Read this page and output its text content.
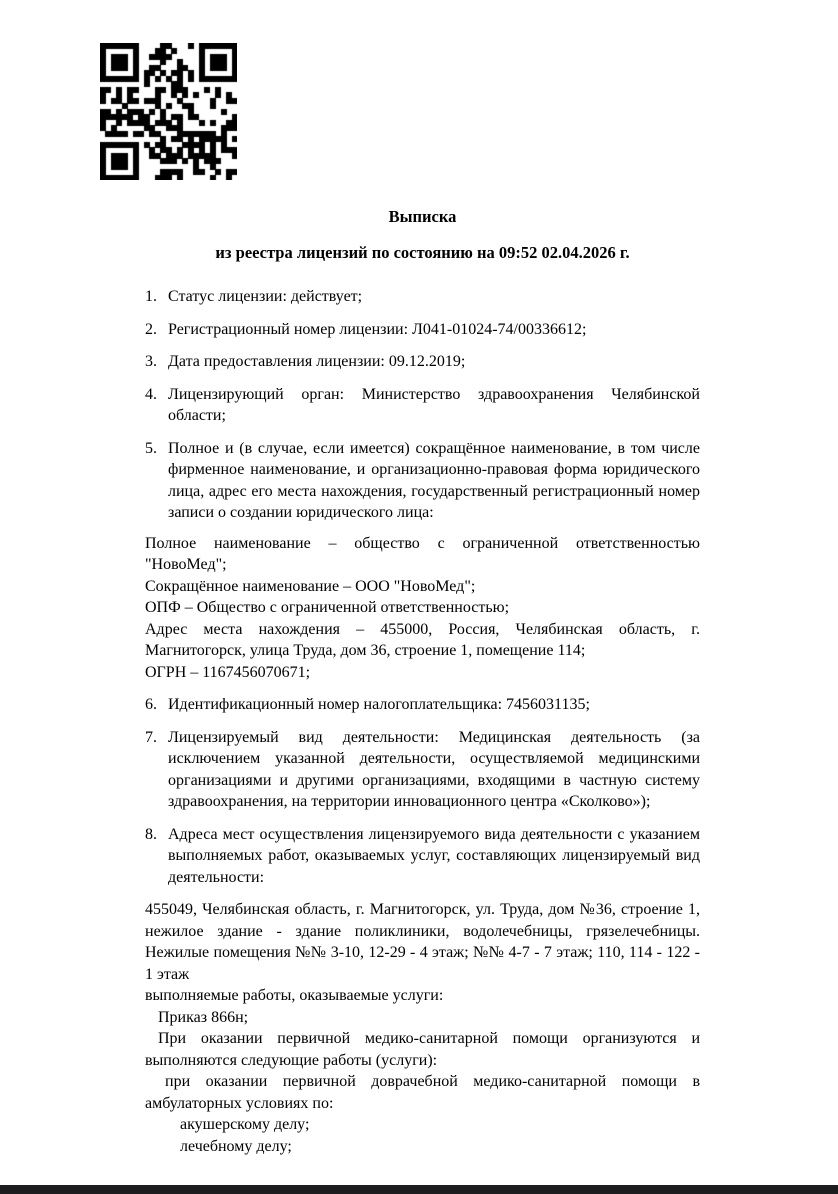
Выписка
из реестра лицензий по состоянию на 09:52 02.04.2026 г.

1. Статус лицензии: действует;

2. Регистрационный номер лицензии: Л041-01024-74/00336612;

3. Дата предоставления лицензии: 09.12.2019;

4. Лицензирующий орган: Министерство здравоохранения Челябинской области;

5. Полное и (в случае, если имеется) сокращённое наименование, в том числе фирменное наименование, и организационно-правовая форма юридического лица, адрес его места нахождения, государственный регистрационный номер записи о создании юридического лица:

Полное наименование – общество с ограниченной ответственностью "НовоМед";

Сокращённое наименование – ООО "НовоМед";

ОПФ – Общество с ограниченной ответственностью;

Адрес места нахождения – 455000, Россия, Челябинская область, г. Магнитогорск, улица Труда, дом 36, строение 1, помещение 114;

ОГРН – 1167456070671;

6. Идентификационный номер налогоплательщика: 7456031135;

7. Лицензируемый вид деятельности: Медицинская деятельность (за исключением указанной деятельности, осуществляемой медицинскими организациями и другими организациями, входящими в частную систему здравоохранения, на территории инновационного центра «Сколково»);

8. Адреса мест осуществления лицензируемого вида деятельности с указанием выполняемых работ, оказываемых услуг, составляющих лицензируемый вид деятельности:

455049, Челябинская область, г. Магнитогорск, ул. Труда, дом №36, строение 1, нежилое здание - здание поликлиники, водолечебницы, грязелечебницы. Нежилые помещения №№ 3-10, 12-29 - 4 этаж; №№ 4-7 - 7 этаж; 110, 114 - 122 - 1 этаж

выполняемые работы, оказываемые услуги:

Приказ 866н;

При оказании первичной медико-санитарной помощи организуются и выполняются следующие работы (услуги):

при оказании первичной доврачебной медико-санитарной помощи в амбулаторных условиях по:

акушерскому делу;

лечебному делу;
